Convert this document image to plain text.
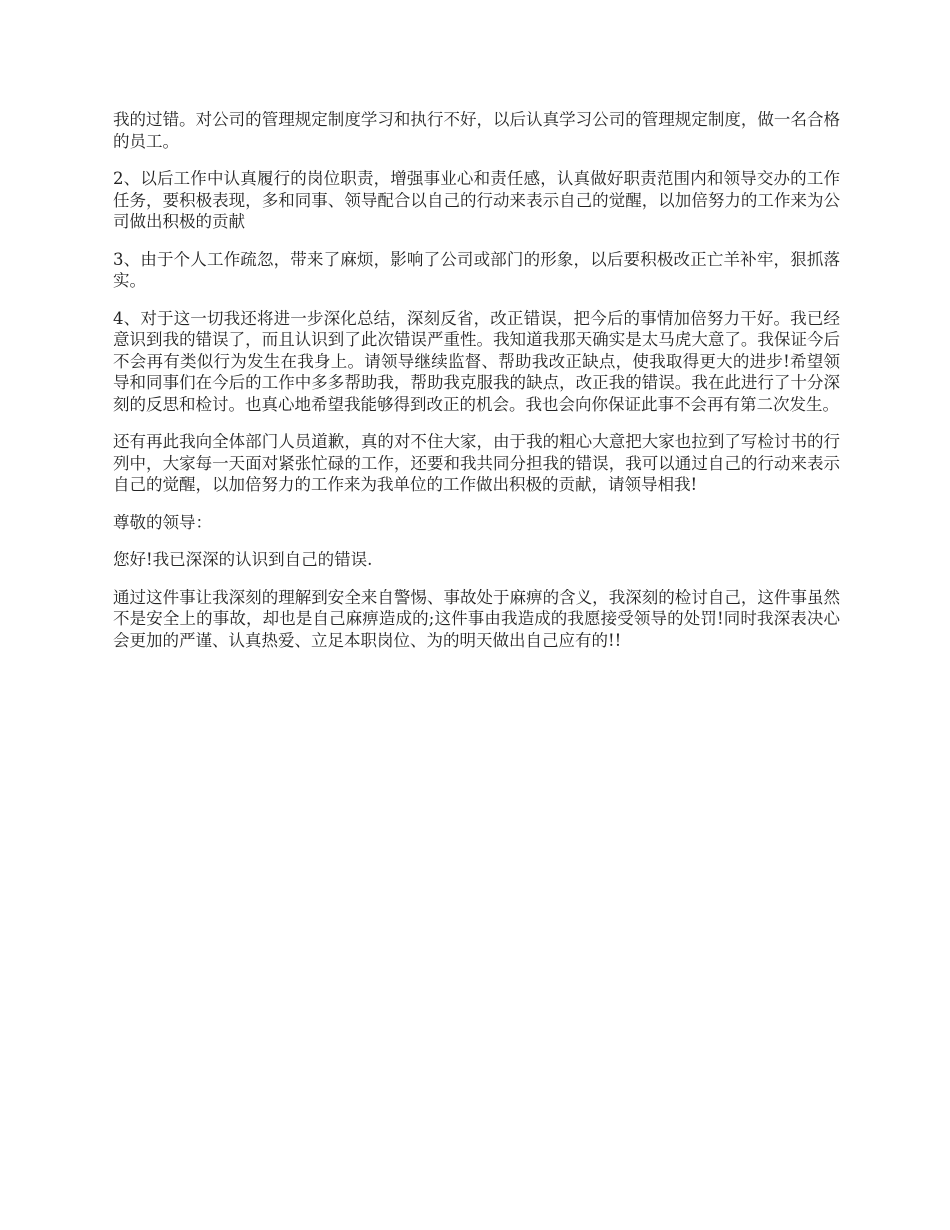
我的过错。对公司的管理规定制度学习和执行不好，以后认真学习公司的管理规定制度，做一名合格的员工。

2、以后工作中认真履行的岗位职责，增强事业心和责任感，认真做好职责范围内和领导交办的工作任务，要积极表现，多和同事、领导配合以自己的行动来表示自己的觉醒，以加倍努力的工作来为公司做出积极的贡献

3、由于个人工作疏忽，带来了麻烦，影响了公司或部门的形象，以后要积极改正亡羊补牢，狠抓落实。

4、对于这一切我还将进一步深化总结，深刻反省，改正错误，把今后的事情加倍努力干好。我已经意识到我的错误了，而且认识到了此次错误严重性。我知道我那天确实是太马虎大意了。我保证今后不会再有类似行为发生在我身上。请领导继续监督、帮助我改正缺点，使我取得更大的进步!希望领导和同事们在今后的工作中多多帮助我，帮助我克服我的缺点，改正我的错误。我在此进行了十分深刻的反思和检讨。也真心地希望我能够得到改正的机会。我也会向你保证此事不会再有第二次发生。

还有再此我向全体部门人员道歉，真的对不住大家，由于我的粗心大意把大家也拉到了写检讨书的行列中，大家每一天面对紧张忙碌的工作，还要和我共同分担我的错误，我可以通过自己的行动来表示自己的觉醒，以加倍努力的工作来为我单位的工作做出积极的贡献，请领导相我!

尊敬的领导：

您好!我已深深的认识到自己的错误.

通过这件事让我深刻的理解到安全来自警惕、事故处于麻痹的含义，我深刻的检讨自己，这件事虽然不是安全上的事故，却也是自己麻痹造成的;这件事由我造成的我愿接受领导的处罚!同时我深表决心会更加的严谨、认真热爱、立足本职岗位、为的明天做出自己应有的!!
